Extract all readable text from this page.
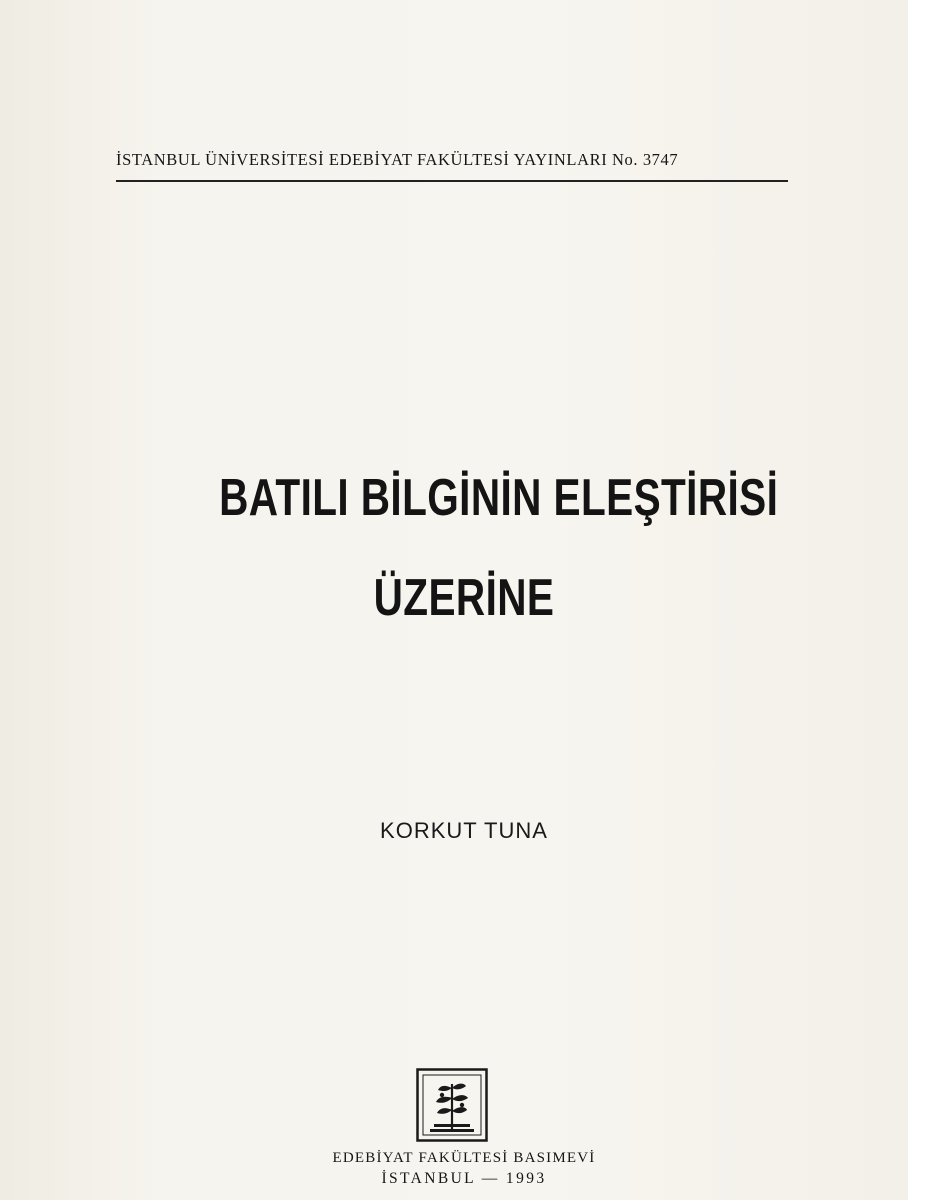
İSTANBUL ÜNİVERSİTESİ EDEBİYAT FAKÜLTESİ YAYINLARI No. 3747
BATILI BİLGİNİN ELEŞTİRİSİ
ÜZERİNE
KORKUT TUNA
EDEBİYAT FAKÜLTESİ BASIMEVİ
İSTANBUL — 1993
